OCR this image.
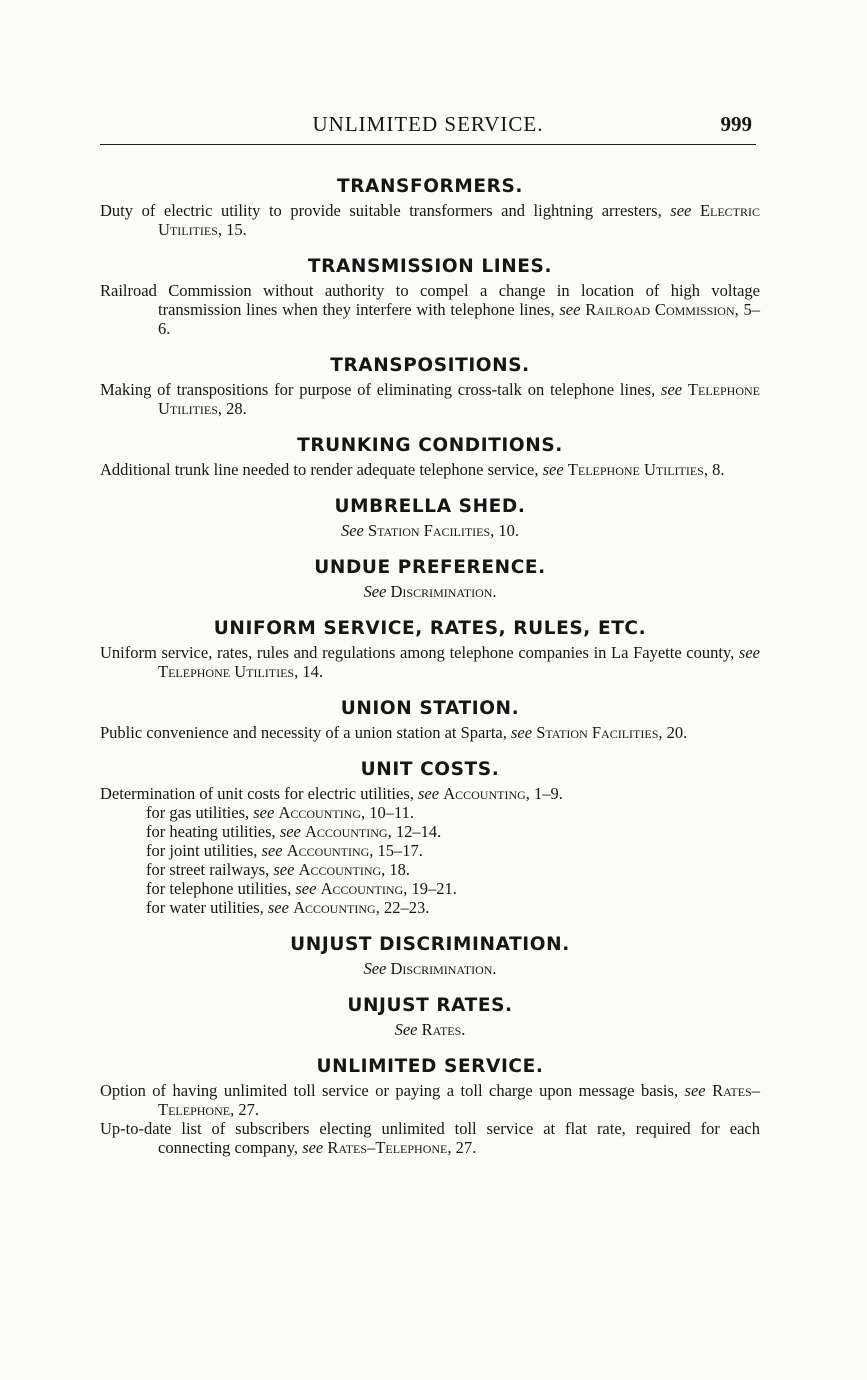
UNLIMITED SERVICE.	999
TRANSFORMERS.
Duty of electric utility to provide suitable transformers and lightning arresters, see Electric Utilities, 15.
TRANSMISSION LINES.
Railroad Commission without authority to compel a change in location of high voltage transmission lines when they interfere with telephone lines, see Railroad Commission, 5–6.
TRANSPOSITIONS.
Making of transpositions for purpose of eliminating cross-talk on telephone lines, see Telephone Utilities, 28.
TRUNKING CONDITIONS.
Additional trunk line needed to render adequate telephone service, see Telephone Utilities, 8.
UMBRELLA SHED.
See Station Facilities, 10.
UNDUE PREFERENCE.
See Discrimination.
UNIFORM SERVICE, RATES, RULES, ETC.
Uniform service, rates, rules and regulations among telephone companies in La Fayette county, see Telephone Utilities, 14.
UNION STATION.
Public convenience and necessity of a union station at Sparta, see Station Facilities, 20.
UNIT COSTS.
Determination of unit costs for electric utilities, see Accounting, 1–9.
for gas utilities, see Accounting, 10–11.
for heating utilities, see Accounting, 12–14.
for joint utilities, see Accounting, 15–17.
for street railways, see Accounting, 18.
for telephone utilities, see Accounting, 19–21.
for water utilities, see Accounting, 22–23.
UNJUST DISCRIMINATION.
See Discrimination.
UNJUST RATES.
See Rates.
UNLIMITED SERVICE.
Option of having unlimited toll service or paying a toll charge upon message basis, see Rates–Telephone, 27.
Up-to-date list of subscribers electing unlimited toll service at flat rate, required for each connecting company, see Rates–Telephone, 27.
